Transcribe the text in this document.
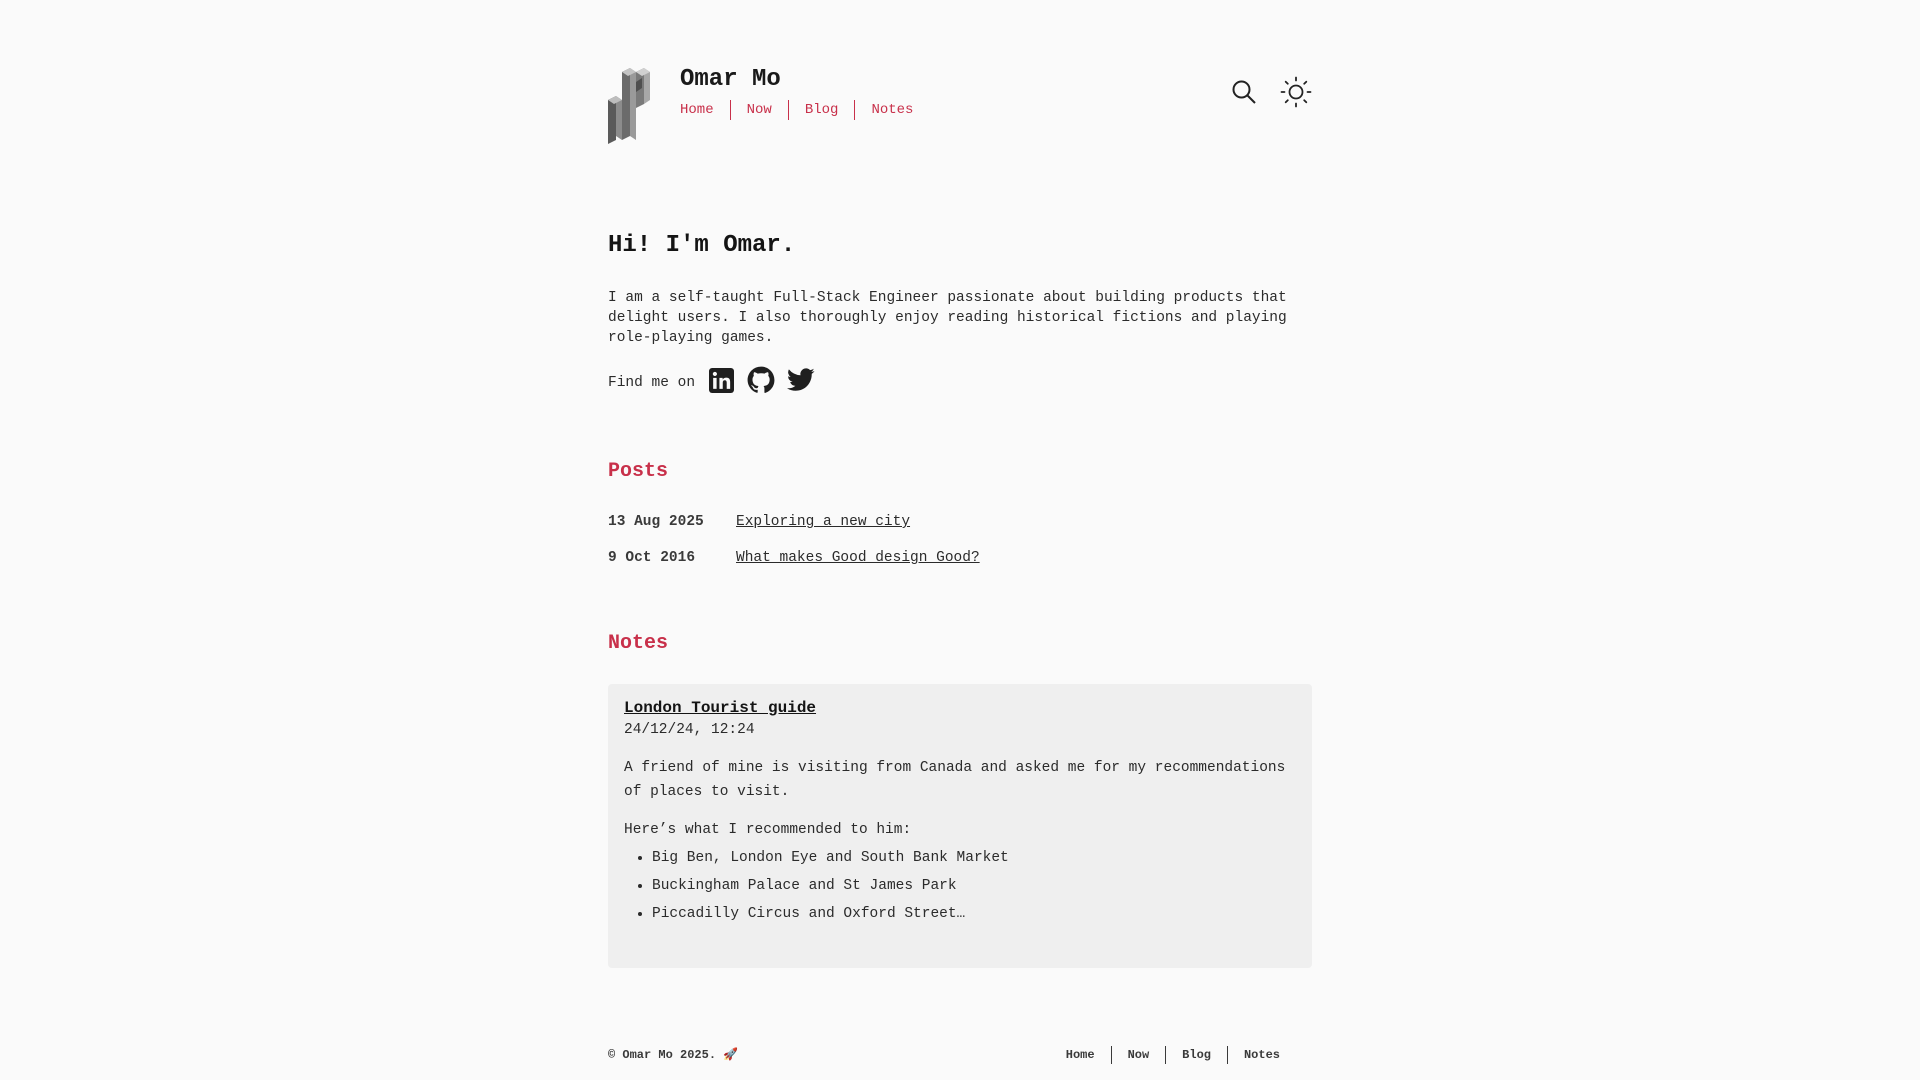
Omar Mo
Home	Now	Blog	Notes
Hi! I'm Omar.

I am a self-taught Full-Stack Engineer passionate about building products that delight users. I also thoroughly enjoy reading historical fictions and playing role-playing games.

Find me on
Posts
13 Aug 2025	Exploring a new city
9 Oct 2016	What makes Good design Good?
Notes
London Tourist guide
24/12/24, 12:24

A friend of mine is visiting from Canada and asked me for my recommendations of places to visit.

Here’s what I recommended to him:

• Big Ben, London Eye and South Bank Market
• Buckingham Palace and St James Park
• Piccadilly Circus and Oxford Street…
© Omar Mo 2025. 🚀	Home	Now	Blog	Notes
